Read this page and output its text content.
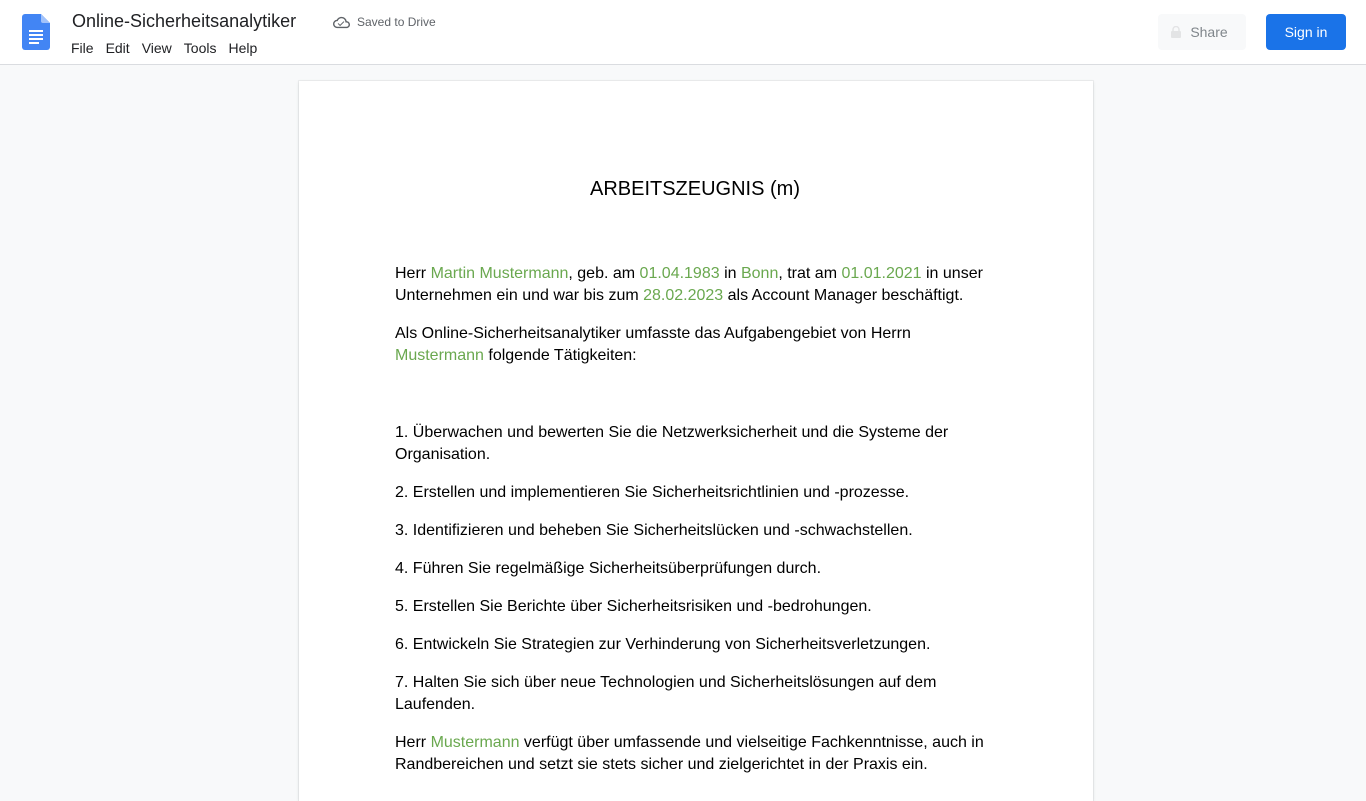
Online-Sicherheitsanalytiker	Saved to Drive
File Edit View Tools Help
Share	Sign in
ARBEITSZEUGNIS (m)

Herr Martin Mustermann, geb. am 01.04.1983 in Bonn, trat am 01.01.2021 in unser Unternehmen ein und war bis zum 28.02.2023 als Account Manager beschäftigt.

Als Online-Sicherheitsanalytiker umfasste das Aufgabengebiet von Herrn Mustermann folgende Tätigkeiten:

1. Überwachen und bewerten Sie die Netzwerksicherheit und die Systeme der Organisation.

2. Erstellen und implementieren Sie Sicherheitsrichtlinien und -prozesse.

3. Identifizieren und beheben Sie Sicherheitslücken und -schwachstellen.

4. Führen Sie regelmäßige Sicherheitsüberprüfungen durch.

5. Erstellen Sie Berichte über Sicherheitsrisiken und -bedrohungen.

6. Entwickeln Sie Strategien zur Verhinderung von Sicherheitsverletzungen.

7. Halten Sie sich über neue Technologien und Sicherheitslösungen auf dem Laufenden.

Herr Mustermann verfügt über umfassende und vielseitige Fachkenntnisse, auch in Randbereichen und setzt sie stets sicher und zielgerichtet in der Praxis ein.
